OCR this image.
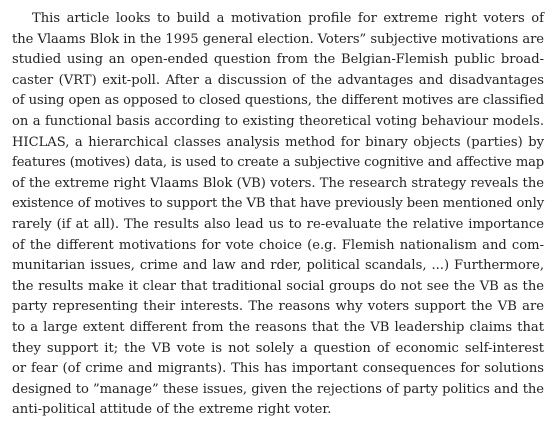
This article looks to build a motivation profile for extreme right voters of
the Vlaams Blok in the 1995 general election. Voters” subjective motivations are
studied using an open-ended question from the Belgian-Flemish public broad-
caster (VRT) exit-poll. After a discussion of the advantages and disadvantages
of using open as opposed to closed questions, the different motives are classified
on a functional basis according to existing theoretical voting behaviour models.
HICLAS, a hierarchical classes analysis method for binary objects (parties) by
features (motives) data, is used to create a subjective cognitive and affective map
of the extreme right Vlaams Blok (VB) voters. The research strategy reveals the
existence of motives to support the VB that have previously been mentioned only
rarely (if at all). The results also lead us to re-evaluate the relative importance
of the different motivations for vote choice (e.g. Flemish nationalism and com-
munitarian issues, crime and law and rder, political scandals, ...) Furthermore,
the results make it clear that traditional social groups do not see the VB as the
party representing their interests. The reasons why voters support the VB are
to a large extent different from the reasons that the VB leadership claims that
they support it; the VB vote is not solely a question of economic self-interest
or fear (of crime and migrants). This has important consequences for solutions
designed to ”manage” these issues, given the rejections of party politics and the
anti-political attitude of the extreme right voter.
